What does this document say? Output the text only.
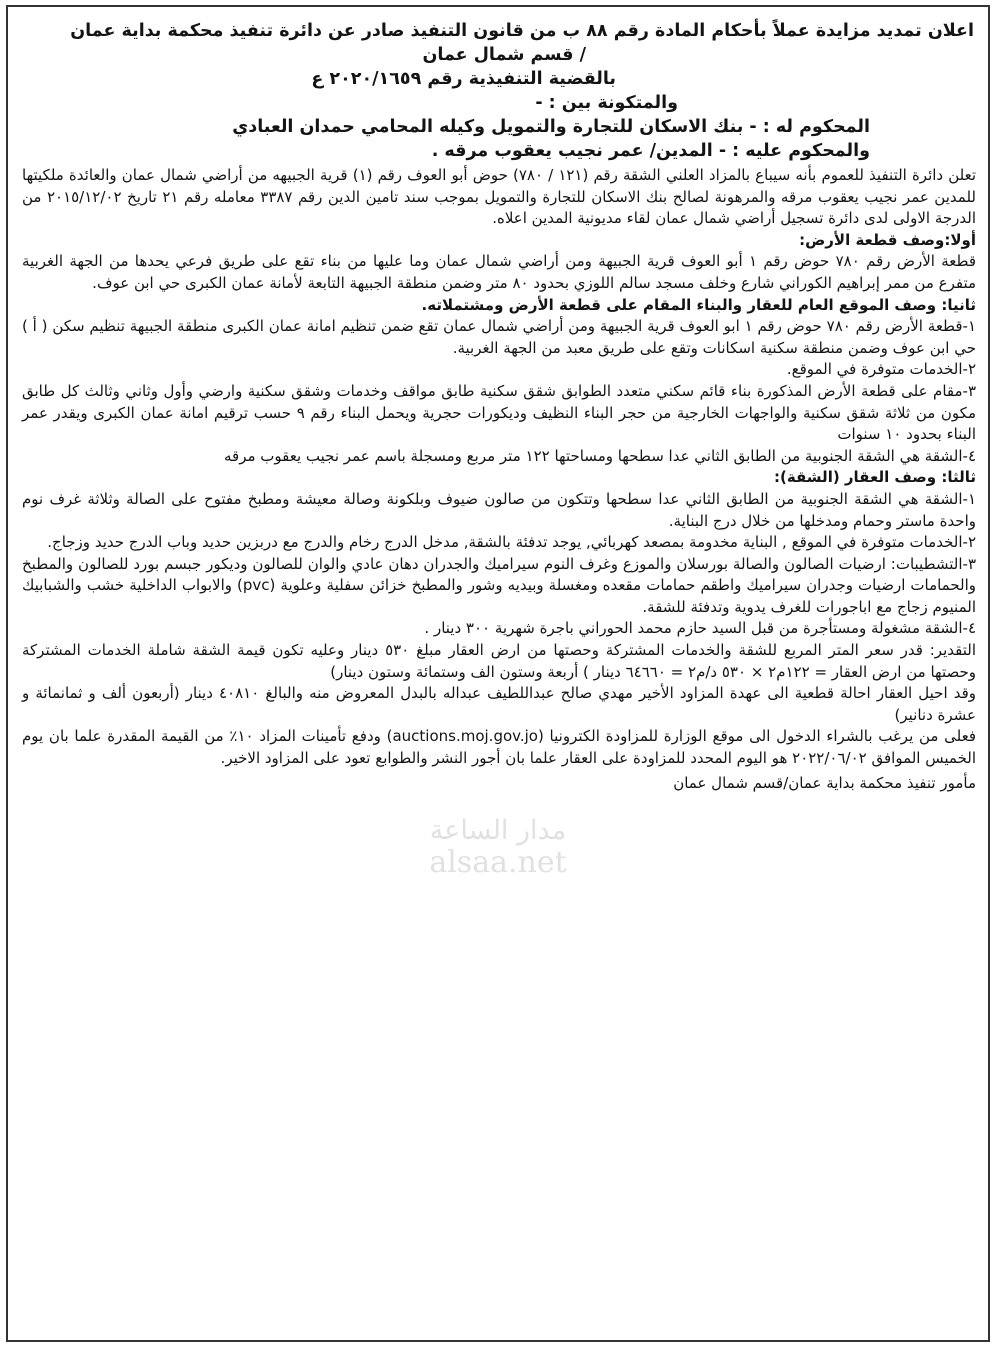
اعلان تمديد مزايدة عملاً بأحكام المادة رقم ٨٨ ب من قانون التنفيذ صادر عن دائرة تنفيذ محكمة بداية عمان

/ قسم شمال عمان

بالقضية التنفيذية رقم ٢٠٢٠/١٦٥٩ ع

والمتكونة بين : -

المحكوم له : - بنك الاسكان للتجارة والتمويل وكيله المحامي حمدان العبادي

والمحكوم عليه : - المدين/ عمر نجيب يعقوب مرقه .

تعلن دائرة التنفيذ للعموم بأنه سيباع بالمزاد العلني الشقة رقم (١٢١ / ٧٨٠) حوض أبو العوف رقم (١) قرية الجبيهه من أراضي شمال عمان والعائدة ملكيتها للمدين عمر نجيب يعقوب مرقه والمرهونة لصالح بنك الاسكان للتجارة والتمويل بموجب سند تامين الدين رقم ٣٣٨٧ معامله رقم ٢١ تاريخ ٢٠١٥/١٢/٠٢ من الدرجة الاولى لدى دائرة تسجيل أراضي شمال عمان لقاء مديونية المدين اعلاه.

أولا:وصف قطعة الأرض:

قطعة الأرض رقم ٧٨٠ حوض رقم ١ أبو العوف قرية الجبيهة ومن أراضي شمال عمان وما عليها من بناء تقع على طريق فرعي يحدها من الجهة الغربية متفرع من ممر إبراهيم الكوراني شارع وخلف مسجد سالم اللوزي بحدود ٨٠ متر وضمن منطقة الجبيهة التابعة لأمانة عمان الكبرى حي ابن عوف.

ثانيا: وصف الموقع العام للعقار والبناء المقام على قطعة الأرض ومشتملاته.

١-قطعة الأرض رقم ٧٨٠ حوض رقم ١ ابو العوف قرية الجبيهة ومن أراضي شمال عمان تقع ضمن تنظيم امانة عمان الكبرى منطقة الجبيهة تنظيم سكن ( أ ) حي ابن عوف وضمن منطقة سكنية اسكانات وتقع على طريق معبد من الجهة الغربية.

٢-الخدمات متوفرة في الموقع.

٣-مقام على قطعة الأرض المذكورة بناء قائم سكني متعدد الطوابق شقق سكنية طابق مواقف وخدمات وشقق سكنية وارضي وأول وثاني وثالث كل طابق مكون من ثلاثة شقق سكنية والواجهات الخارجية من حجر البناء النظيف وديكورات حجرية ويحمل البناء رقم ٩ حسب ترقيم امانة عمان الكبرى ويقدر عمر البناء بحدود ١٠ سنوات

٤-الشقة هي الشقة الجنوبية من الطابق الثاني عدا سطحها ومساحتها ١٢٢ متر مربع ومسجلة باسم عمر نجيب يعقوب مرقه

ثالثا: وصف العقار (الشقة):

١-الشقة هي الشقة الجنوبية من الطابق الثاني عدا سطحها وتتكون من صالون ضيوف وبلكونة وصالة معيشة ومطبخ مفتوح على الصالة وثلاثة غرف نوم واحدة ماستر وحمام ومدخلها من خلال درج البناية.

٢-الخدمات متوفرة في الموقع , البناية مخدومة بمصعد كهربائي, يوجد تدفئة بالشقة, مدخل الدرج رخام والدرج مع دربزين حديد وباب الدرج حديد وزجاج.

٣-التشطيبات: ارضيات الصالون والصالة بورسلان والموزع وغرف النوم سيراميك والجدران دهان عادي والوان للصالون وديكور جبسم بورد للصالون والمطبخ والحمامات ارضيات وجدران سيراميك واطقم حمامات مقعده ومغسلة وبيديه وشور والمطبخ خزائن سفلية وعلوية (pvc) والابواب الداخلية خشب والشبابيك المنيوم زجاج مع اباجورات للغرف يدوية وتدفئة للشقة.

٤-الشقة مشغولة ومستأجرة من قبل السيد حازم محمد الحوراني باجرة شهرية ٣٠٠ دينار .

التقدير: قدر سعر المتر المربع للشقة والخدمات المشتركة وحصتها من ارض العقار مبلغ ٥٣٠ دينار وعليه تكون قيمة الشقة شاملة الخدمات المشتركة وحصتها من ارض العقار = ١٢٢م٢ × ٥٣٠ د/م٢ = ٦٤٦٦٠ دينار ) أربعة وستون الف وستمائة وستون دينار)

وقد احيل العقار احالة قطعية الى عهدة المزاود الأخير مهدي صالح عبداللطيف عبداله بالبدل المعروض منه والبالغ ٤٠٨١٠ دينار (أربعون ألف و ثمانمائة و عشرة دنانير)

فعلى من يرغب بالشراء الدخول الى موقع الوزارة للمزاودة الكترونيا (auctions.moj.gov.jo) ودفع تأمينات المزاد ١٠٪ من القيمة المقدرة علما بان يوم الخميس الموافق ٢٠٢٢/٠٦/٠٢ هو اليوم المحدد للمزاودة على العقار علما بان أجور النشر والطوابع تعود على المزاود الاخير.

مأمور تنفيذ محكمة بداية عمان/قسم شمال عمان

مدار الساعة
alsaa.net
